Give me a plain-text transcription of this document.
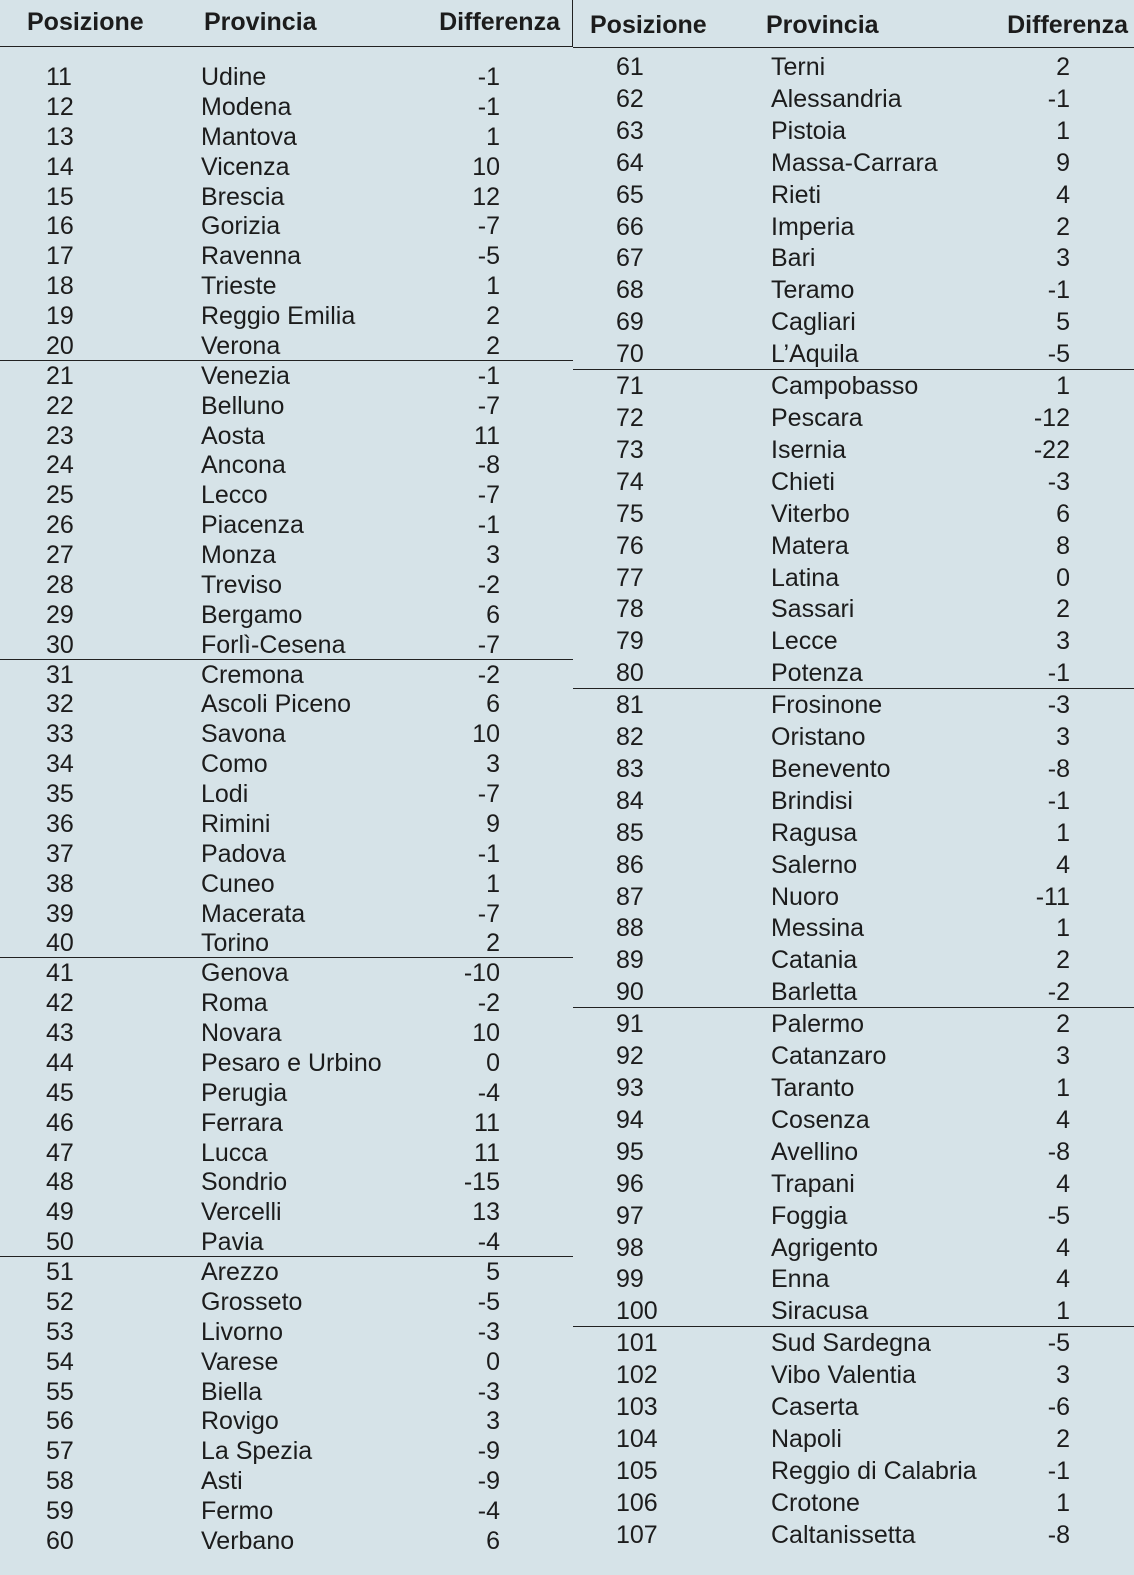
Posizione Provincia	Differenza
11	Udine	-1
12	Modena	-1
13	Mantova	1
14	Vicenza	10
15	Brescia	12
16	Gorizia	-7
17	Ravenna	-5
18	Trieste	1
19	Reggio Emilia	2
20	Verona	2
21	Venezia	-1
22	Belluno	-7
23	Aosta	11
24	Ancona	-8
25	Lecco	-7
26	Piacenza	-1
27	Monza	3
28	Treviso	-2
29	Bergamo	6
30	Forlì-Cesena	-7
31	Cremona	-2
32	Ascoli Piceno	6
33	Savona	10
34	Como	3
35	Lodi	-7
36	Rimini	9
37	Padova	-1
38	Cuneo	1
39	Macerata	-7
40	Torino	2
41	Genova	-10
42	Roma	-2
43	Novara	10
44	Pesaro e Urbino	0
45	Perugia	-4
46	Ferrara	11
47	Lucca	11
48	Sondrio	-15
49	Vercelli	13
50	Pavia	-4
51	Arezzo	5
52	Grosseto	-5
53	Livorno	-3
54	Varese	0
55	Biella	-3
56	Rovigo	3
57	La Spezia	-9
58	Asti	-9
59	Fermo	-4
60	Verbano	6
Posizione Provincia	Differenza
61	Terni	2
62	Alessandria	-1
63	Pistoia	1
64	Massa-Carrara	9
65	Rieti	4
66	Imperia	2
67	Bari	3
68	Teramo	-1
69	Cagliari	5
70	L’Aquila	-5
71	Campobasso	1
72	Pescara	-12
73	Isernia	-22
74	Chieti	-3
75	Viterbo	6
76	Matera	8
77	Latina	0
78	Sassari	2
79	Lecce	3
80	Potenza	-1
81	Frosinone	-3
82	Oristano	3
83	Benevento	-8
84	Brindisi	-1
85	Ragusa	1
86	Salerno	4
87	Nuoro	-11
88	Messina	1
89	Catania	2
90	Barletta	-2
91	Palermo	2
92	Catanzaro	3
93	Taranto	1
94	Cosenza	4
95	Avellino	-8
96	Trapani	4
97	Foggia	-5
98	Agrigento	4
99	Enna	4
100	Siracusa	1
101	Sud Sardegna	-5
102	Vibo Valentia	3
103	Caserta	-6
104	Napoli	2
105	Reggio di Calabria	-1
106	Crotone	1
107	Caltanissetta	-8
